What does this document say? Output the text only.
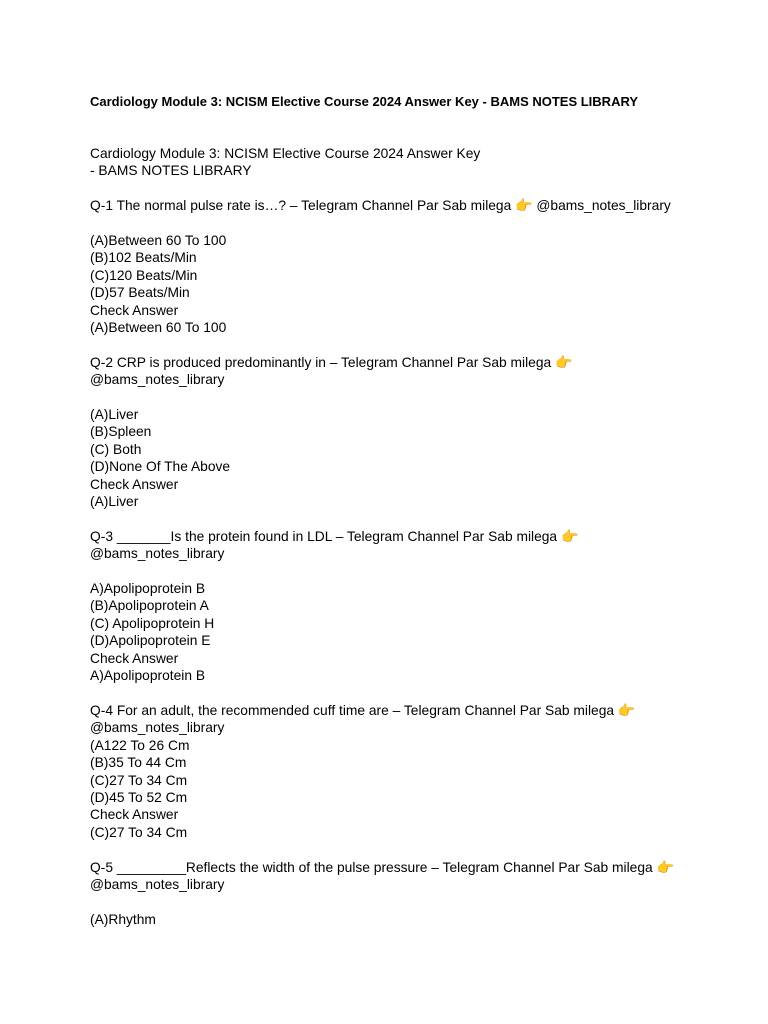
Cardiology Module 3: NCISM Elective Course 2024 Answer Key - BAMS NOTES LIBRARY
Cardiology Module 3: NCISM Elective Course 2024 Answer Key
- BAMS NOTES LIBRARY
Q-1 The normal pulse rate is…? – Telegram Channel Par Sab milega 👉 @bams_notes_library
(A)Between 60 To 100
(B)102 Beats/Min
(C)120 Beats/Min
(D)57 Beats/Min
Check Answer
(A)Between 60 To 100
Q-2 CRP is produced predominantly in – Telegram Channel Par Sab milega 👉
@bams_notes_library
(A)Liver
(B)Spleen
(C) Both
(D)None Of The Above
Check Answer
(A)Liver
Q-3 _______Is the protein found in LDL – Telegram Channel Par Sab milega 👉
@bams_notes_library
A)Apolipoprotein B
(B)Apolipoprotein A
(C) Apolipoprotein H
(D)Apolipoprotein E
Check Answer
A)Apolipoprotein B
Q-4 For an adult, the recommended cuff time are – Telegram Channel Par Sab milega 👉
@bams_notes_library
(A122 To 26 Cm
(B)35 To 44 Cm
(C)27 To 34 Cm
(D)45 To 52 Cm
Check Answer
(C)27 To 34 Cm
Q-5 _________Reflects the width of the pulse pressure – Telegram Channel Par Sab milega 👉
@bams_notes_library
(A)Rhythm
